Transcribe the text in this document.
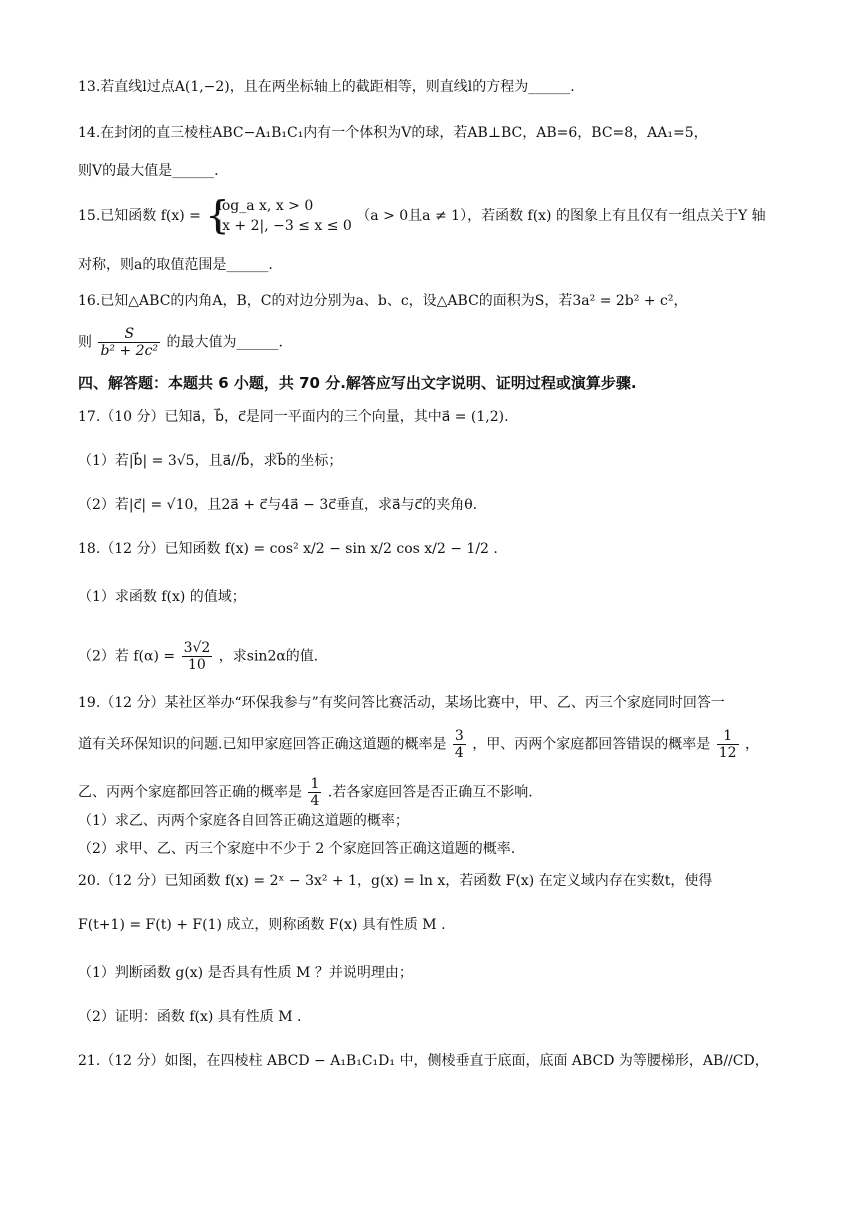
13.若直线l过点A(1,−2)，且在两坐标轴上的截距相等，则直线l的方程为______.
14.在封闭的直三棱柱ABC−A₁B₁C₁内有一个体积为V的球，若AB⊥BC，AB=6，BC=8，AA₁=5，
则V的最大值是______.
15.已知函数 f(x) =
{ log_a x, x > 0
|x + 2|, −3 ≤ x ≤ 0
（a > 0且a ≠ 1），若函数 f(x) 的图象上有且仅有一组点关于Y 轴
对称，则a的取值范围是______.
16.已知△ABC的内角A，B，C的对边分别为a、b、c，设△ABC的面积为S，若3a² = 2b² + c²，
则 $\frac{S}{\text{b² + 2c²}}$ 的最大值为______.
四、解答题：本题共 6 小题，共 70 分.解答应写出文字说明、证明过程或演算步骤.
17.（10 分）已知a⃗，b⃗，c⃗是同一平面内的三个向量，其中a⃗ = (1,2).
（1）若|b⃗| = 3√5，且a⃗//b⃗，求b⃗的坐标；
（2）若|c⃗| = √10，且2a⃗ + c⃗与4a⃗ − 3c⃗垂直，求a⃗与c⃗的夹角θ.
18.（12 分）已知函数 f(x) = cos² x/2 − sin x/2 cos x/2 − 1/2 .
（1）求函数 f(x) 的值域；
（2）若 $f(\alpha) = \frac{3√2}{10}$ ，求sin2α的值.
19.（12 分）某社区举办“环保我参与”有奖问答比赛活动，某场比赛中，甲、乙、丙三个家庭同时回答一
道有关环保知识的问题.已知甲家庭回答正确这道题的概率是 $\frac{3}{4}$ ，甲、丙两个家庭都回答错误的概率是 $\frac{1}{12}$ ，
乙、丙两个家庭都回答正确的概率是 $\frac{1}{4}$ .若各家庭回答是否正确互不影响.
（1）求乙、丙两个家庭各自回答正确这道题的概率；
（2）求甲、乙、丙三个家庭中不少于 2 个家庭回答正确这道题的概率.
20.（12 分）已知函数 f(x) = 2ˣ − 3x² + 1，g(x) = ln x，若函数 F(x) 在定义域内存在实数t，使得
F(t+1) = F(t) + F(1) 成立，则称函数 F(x) 具有性质 M .
（1）判断函数 g(x) 是否具有性质 M ？并说明理由；
（2）证明：函数 f(x) 具有性质 M .
21.（12 分）如图，在四棱柱 ABCD − A₁B₁C₁D₁ 中，侧棱垂直于底面，底面 ABCD 为等腰梯形，AB//CD，
